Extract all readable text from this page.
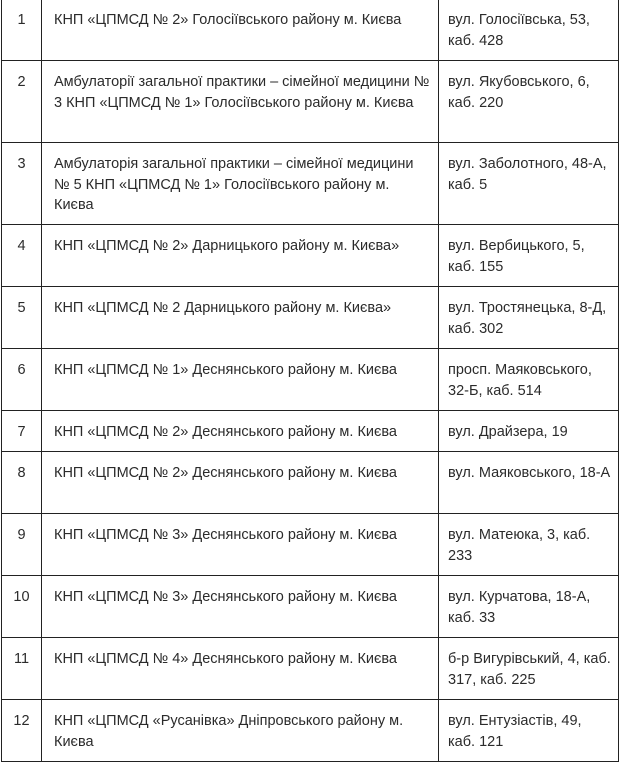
1	КНП «ЦПМСД № 2» Голосіївського району м. Києва	вул. Голосіївська, 53, каб. 428
2	Амбулаторії загальної практики – сімейної медицини № 3 КНП «ЦПМСД № 1» Голосіївського району м. Києва	вул. Якубовського, 6, каб. 220
3	Амбулаторія загальної практики – сімейної медицини № 5 КНП «ЦПМСД № 1» Голосіївського району м. Києва	вул. Заболотного, 48-А, каб. 5
4	КНП «ЦПМСД № 2» Дарницького району м. Києва»	вул. Вербицького, 5, каб. 155
5	КНП «ЦПМСД № 2 Дарницького району м. Києва»	вул. Тростянецька, 8-Д, каб. 302
6	КНП «ЦПМСД № 1» Деснянського району м. Києва	просп. Маяковського, 32-Б, каб. 514
7	КНП «ЦПМСД № 2» Деснянського району м. Києва	вул. Драйзера, 19
8	КНП «ЦПМСД № 2» Деснянського району м. Києва	вул. Маяковського, 18-А
9	КНП «ЦПМСД № 3» Деснянського району м. Києва	вул. Матеюка, 3, каб. 233
10	КНП «ЦПМСД № 3» Деснянського району м. Києва	вул. Курчатова, 18-А, каб. 33
11	КНП «ЦПМСД № 4» Деснянського району м. Києва	б-р Вигурівський, 4, каб. 317, каб. 225
12	КНП «ЦПМСД «Русанівка» Дніпровського району м. Києва	вул. Ентузіастів, 49, каб. 121
